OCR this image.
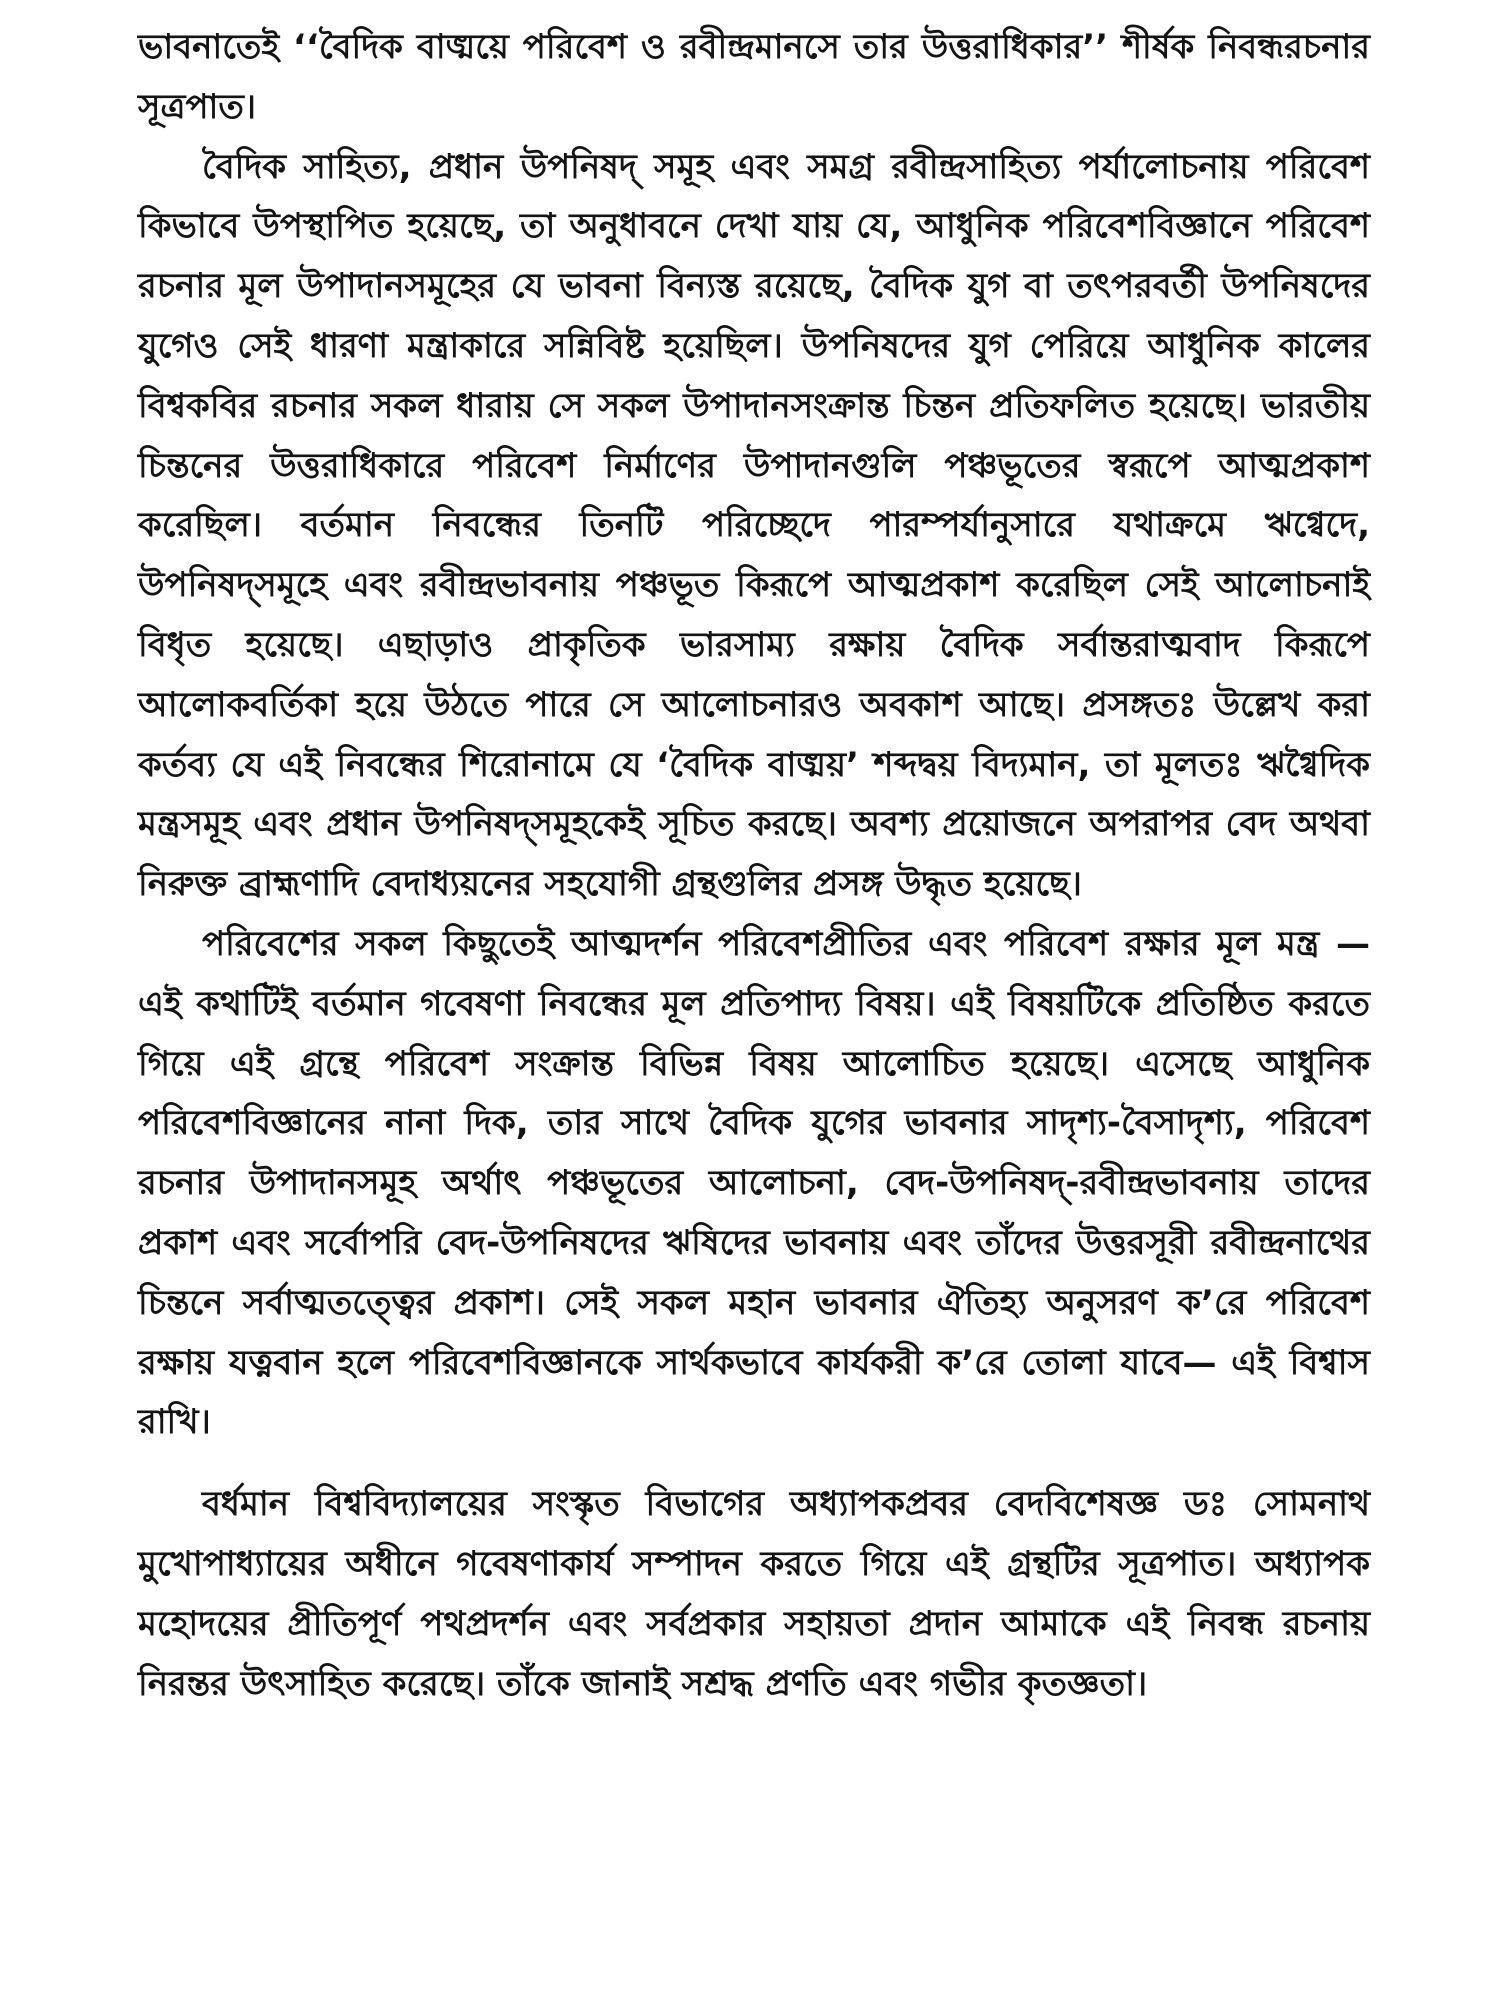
ভাবনাতেই ‘‘বৈদিক বাঙ্ময়ে পরিবেশ ও রবীন্দ্রমানসে তার উত্তরাধিকার’’ শীর্ষক নিবন্ধরচনার সূত্রপাত।

বৈদিক সাহিত্য, প্রধান উপনিষদ্ সমূহ এবং সমগ্র রবীন্দ্রসাহিত্য পর্যালোচনায় পরিবেশ কিভাবে উপস্থাপিত হয়েছে, তা অনুধাবনে দেখা যায় যে, আধুনিক পরিবেশবিজ্ঞানে পরিবেশ রচনার মূল উপাদানসমূহের যে ভাবনা বিন্যস্ত রয়েছে, বৈদিক যুগ বা তৎপরবর্তী উপনিষদের যুগেও সেই ধারণা মন্ত্রাকারে সন্নিবিষ্ট হয়েছিল। উপনিষদের যুগ পেরিয়ে আধুনিক কালের বিশ্বকবির রচনার সকল ধারায় সে সকল উপাদানসংক্রান্ত চিন্তন প্রতিফলিত হয়েছে। ভারতীয় চিন্তনের উত্তরাধিকারে পরিবেশ নির্মাণের উপাদানগুলি পঞ্চভূতের স্বরূপে আত্মপ্রকাশ করেছিল। বর্তমান নিবন্ধের তিনটি পরিচ্ছেদে পারম্পর্যানুসারে যথাক্রমে ঋগ্বেদে, উপনিষদ্সমূহে এবং রবীন্দ্রভাবনায় পঞ্চভূত কিরূপে আত্মপ্রকাশ করেছিল সেই আলোচনাই বিধৃত হয়েছে। এছাড়াও প্রাকৃতিক ভারসাম্য রক্ষায় বৈদিক সর্বান্তরাত্মবাদ কিরূপে আলোকবর্তিকা হয়ে উঠতে পারে সে আলোচনারও অবকাশ আছে। প্রসঙ্গতঃ উল্লেখ করা কর্তব্য যে এই নিবন্ধের শিরোনামে যে ‘বৈদিক বাঙ্ময়’ শব্দদ্বয় বিদ্যমান, তা মূলতঃ ঋগ্বৈদিক মন্ত্রসমূহ এবং প্রধান উপনিষদ্সমূহকেই সূচিত করছে। অবশ্য প্রয়োজনে অপরাপর বেদ অথবা নিরুক্ত ব্রাহ্মণাদি বেদাধ্যয়নের সহযোগী গ্রন্থগুলির প্রসঙ্গ উদ্ধৃত হয়েছে।

পরিবেশের সকল কিছুতেই আত্মদর্শন পরিবেশপ্রীতির এবং পরিবেশ রক্ষার মূল মন্ত্র — এই কথাটিই বর্তমান গবেষণা নিবন্ধের মূল প্রতিপাদ্য বিষয়। এই বিষয়টিকে প্রতিষ্ঠিত করতে গিয়ে এই গ্রন্থে পরিবেশ সংক্রান্ত বিভিন্ন বিষয় আলোচিত হয়েছে। এসেছে আধুনিক পরিবেশবিজ্ঞানের নানা দিক, তার সাথে বৈদিক যুগের ভাবনার সাদৃশ্য-বৈসাদৃশ্য, পরিবেশ রচনার উপাদানসমূহ অর্থাৎ পঞ্চভূতের আলোচনা, বেদ-উপনিষদ্-রবীন্দ্রভাবনায় তাদের প্রকাশ এবং সর্বোপরি বেদ-উপনিষদের ঋষিদের ভাবনায় এবং তাঁদের উত্তরসূরী রবীন্দ্রনাথের চিন্তনে সর্বাত্মতত্ত্বের প্রকাশ। সেই সকল মহান ভাবনার ঐতিহ্য অনুসরণ ক’রে পরিবেশ রক্ষায় যত্নবান হলে পরিবেশবিজ্ঞানকে সার্থকভাবে কার্যকরী ক’রে তোলা যাবে— এই বিশ্বাস রাখি।

বর্ধমান বিশ্ববিদ্যালয়ের সংস্কৃত বিভাগের অধ্যাপকপ্রবর বেদবিশেষজ্ঞ ডঃ সোমনাথ মুখোপাধ্যায়ের অধীনে গবেষণাকার্য সম্পাদন করতে গিয়ে এই গ্রন্থটির সূত্রপাত। অধ্যাপক মহোদয়ের প্রীতিপূর্ণ পথপ্রদর্শন এবং সর্বপ্রকার সহায়তা প্রদান আমাকে এই নিবন্ধ রচনায় নিরন্তর উৎসাহিত করেছে। তাঁকে জানাই সশ্রদ্ধ প্রণতি এবং গভীর কৃতজ্ঞতা।
